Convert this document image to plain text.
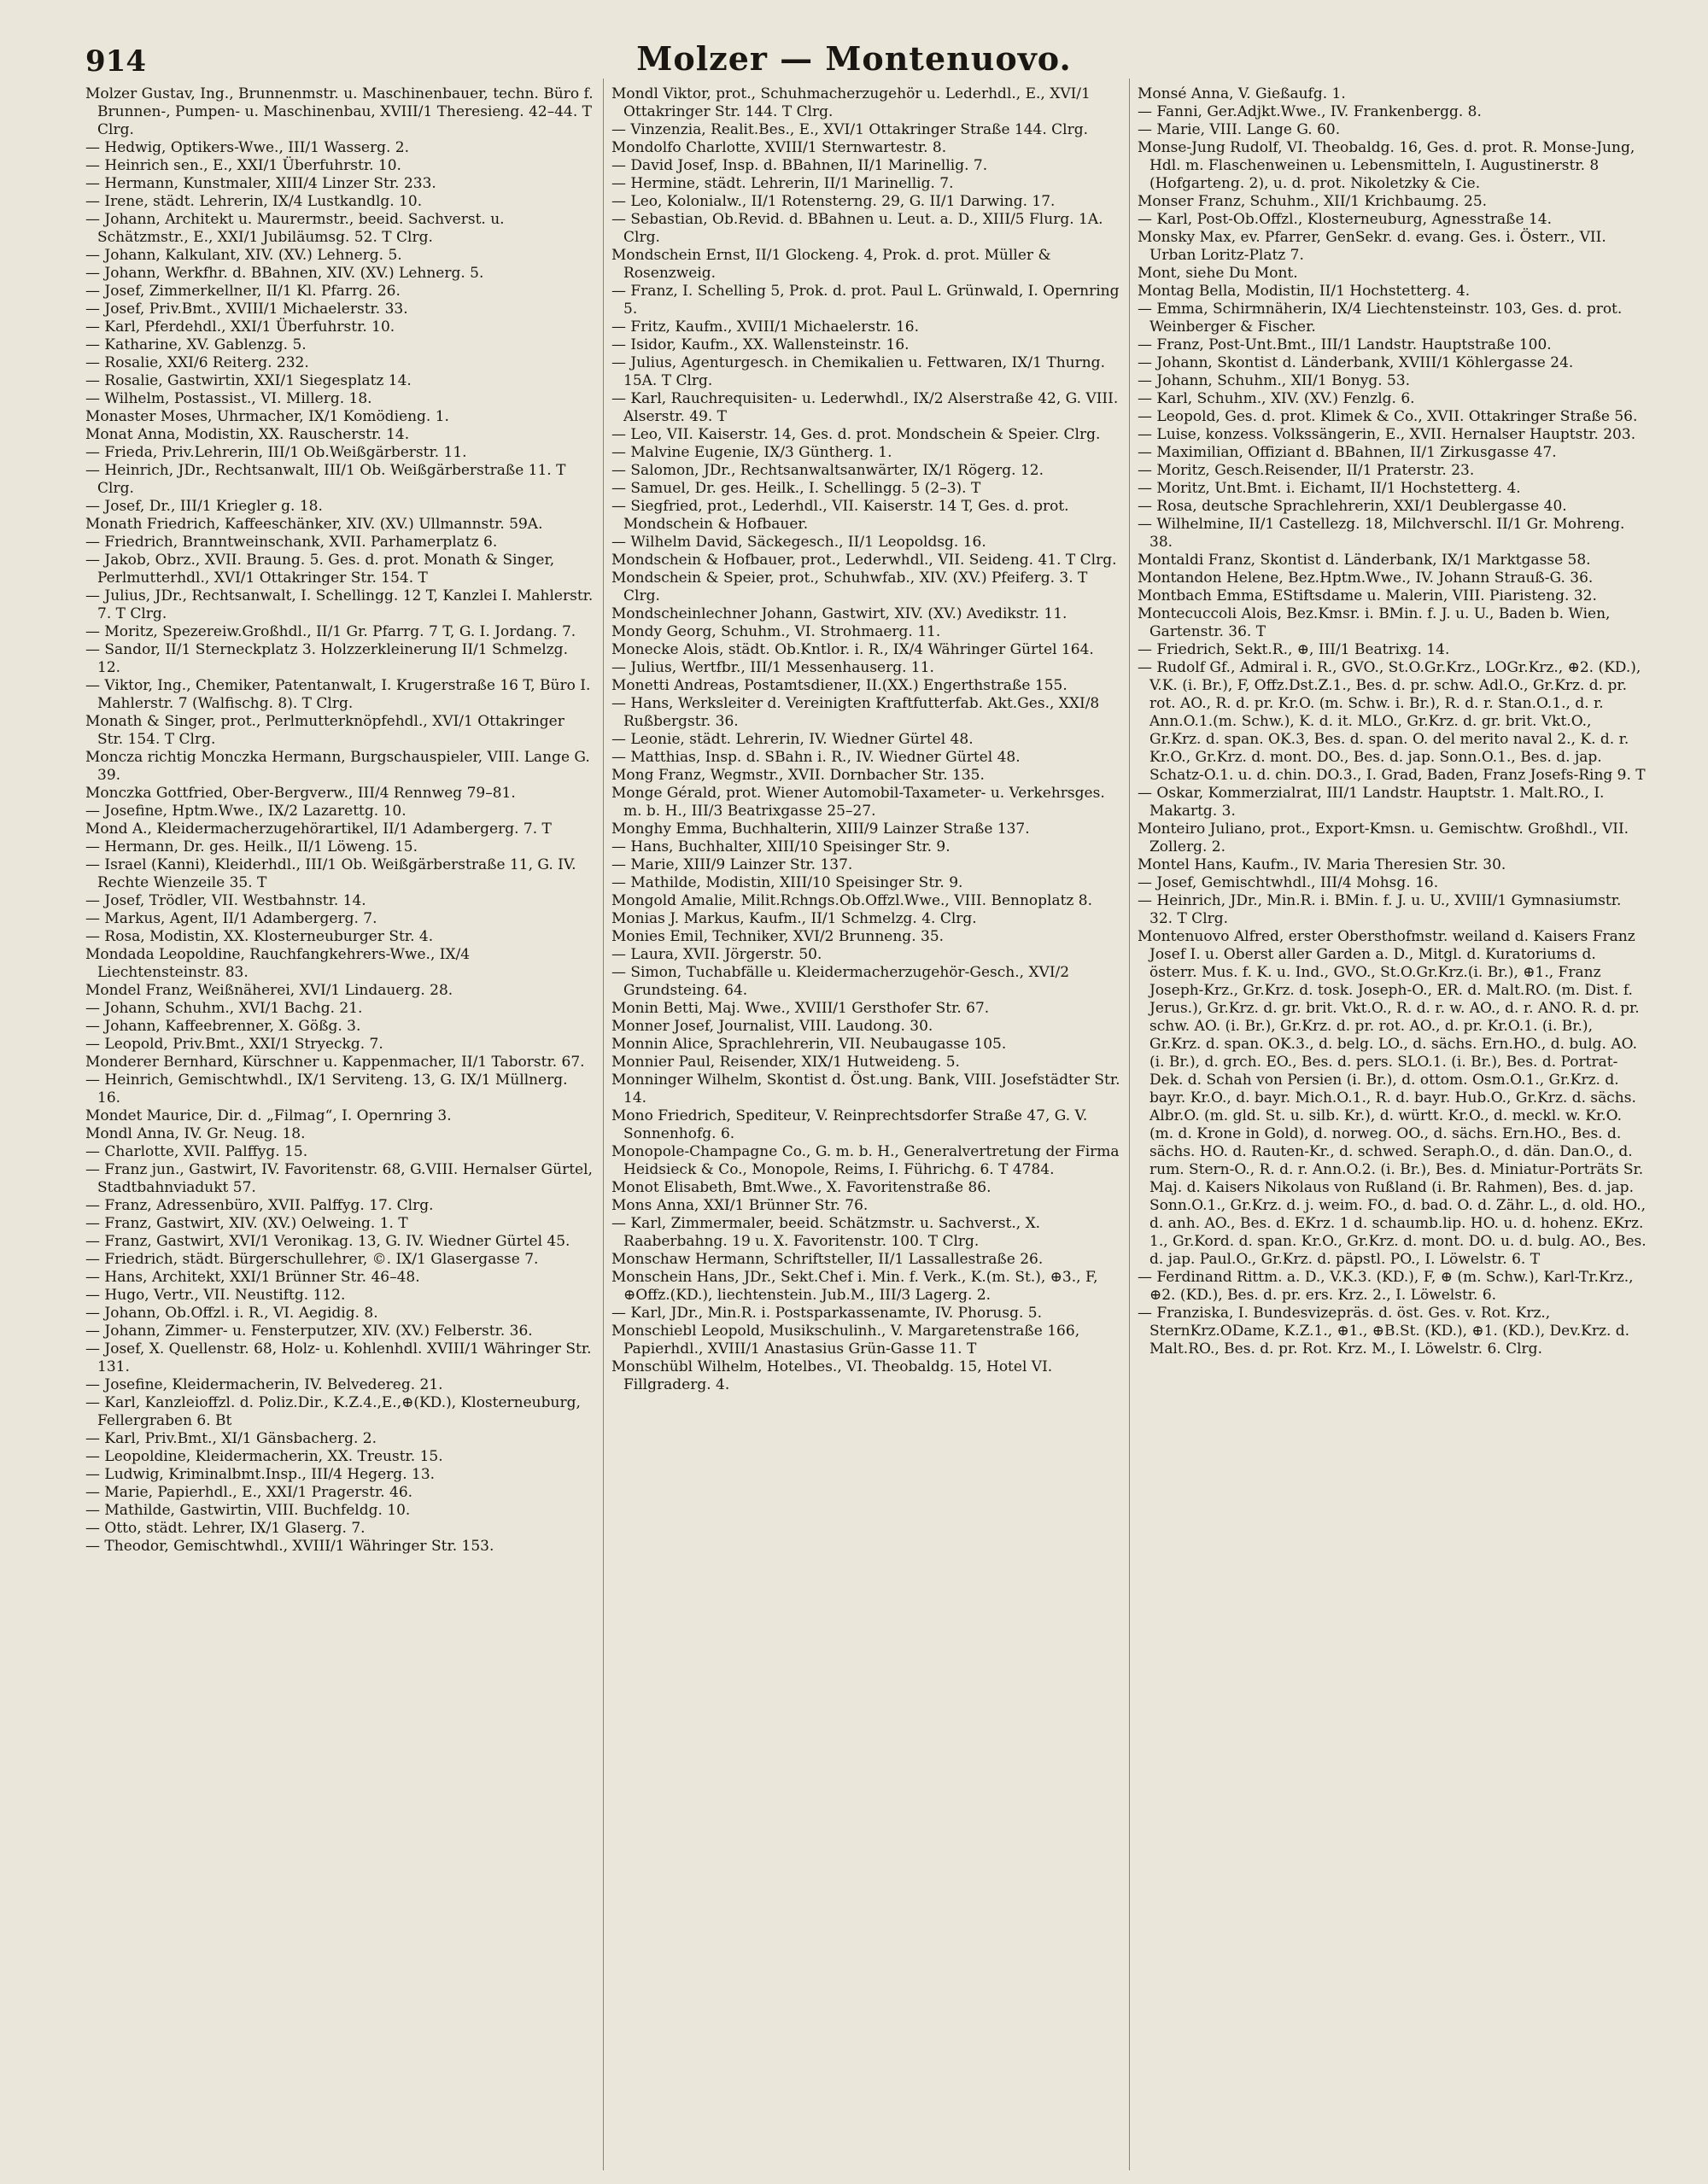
914	Molzer — Montenuovo.

Molzer Gustav, Ing., Brunnenmstr. u. Maschinenbauer, techn. Büro f. Brunnen-, Pumpen- u. Maschinenbau, XVIII/1 Theresieng. 42–44. T Clrg.

— Hedwig, Optikers-Wwe., III/1 Wasserg. 2.

— Heinrich sen., E., XXI/1 Überfuhrstr. 10.

— Hermann, Kunstmaler, XIII/4 Linzer Str. 233.

— Irene, städt. Lehrerin, IX/4 Lustkandlg. 10.

— Johann, Architekt u. Maurermstr., beeid. Sachverst. u. Schätzmstr., E., XXI/1 Jubiläumsg. 52. T Clrg.

— Johann, Kalkulant, XIV. (XV.) Lehnerg. 5.

— Johann, Werkfhr. d. BBahnen, XIV. (XV.) Lehnerg. 5.

— Josef, Zimmerkellner, II/1 Kl. Pfarrg. 26.

— Josef, Priv.Bmt., XVIII/1 Michaelerstr. 33.

— Karl, Pferdehdl., XXI/1 Überfuhrstr. 10.

— Katharine, XV. Gablenzg. 5.

— Rosalie, XXI/6 Reiterg. 232.

— Rosalie, Gastwirtin, XXI/1 Siegesplatz 14.

— Wilhelm, Postassist., VI. Millerg. 18.

Monaster Moses, Uhrmacher, IX/1 Komödieng. 1.

Monat Anna, Modistin, XX. Rauscherstr. 14.

— Frieda, Priv.Lehrerin, III/1 Ob.Weißgärberstr. 11.

— Heinrich, JDr., Rechtsanwalt, III/1 Ob. Weißgärberstraße 11. T Clrg.

— Josef, Dr., III/1 Kriegler g. 18.

Monath Friedrich, Kaffeeschänker, XIV. (XV.) Ullmannstr. 59A.

— Friedrich, Branntweinschank, XVII. Parhamerplatz 6.

— Jakob, Obrz., XVII. Braung. 5. Ges. d. prot. Monath & Singer, Perlmutterhdl., XVI/1 Ottakringer Str. 154. T

— Julius, JDr., Rechtsanwalt, I. Schellingg. 12 T, Kanzlei I. Mahlerstr. 7. T Clrg.

— Moritz, Spezereiw.Großhdl., II/1 Gr. Pfarrg. 7 T, G. I. Jordang. 7.

— Sandor, II/1 Sterneckplatz 3. Holzzerkleinerung II/1 Schmelzg. 12.

— Viktor, Ing., Chemiker, Patentanwalt, I. Krugerstraße 16 T, Büro I. Mahlerstr. 7 (Walfischg. 8). T Clrg.

Monath & Singer, prot., Perlmutterknöpfehdl., XVI/1 Ottakringer Str. 154. T Clrg.

Moncza richtig Monczka Hermann, Burgschauspieler, VIII. Lange G. 39.

Monczka Gottfried, Ober-Bergverw., III/4 Rennweg 79–81.

— Josefine, Hptm.Wwe., IX/2 Lazarettg. 10.

Mond A., Kleidermacherzugehörartikel, II/1 Adambergerg. 7. T

— Hermann, Dr. ges. Heilk., II/1 Löweng. 15.

— Israel (Kanni), Kleiderhdl., III/1 Ob. Weißgärberstraße 11, G. IV. Rechte Wienzeile 35. T

— Josef, Trödler, VII. Westbahnstr. 14.

— Markus, Agent, II/1 Adambergerg. 7.

— Rosa, Modistin, XX. Klosterneuburger Str. 4.

Mondada Leopoldine, Rauchfangkehrers-Wwe., IX/4 Liechtensteinstr. 83.

Mondel Franz, Weißnäherei, XVI/1 Lindauerg. 28.

— Johann, Schuhm., XVI/1 Bachg. 21.

— Johann, Kaffeebrenner, X. Gößg. 3.

— Leopold, Priv.Bmt., XXI/1 Stryeckg. 7.

Monderer Bernhard, Kürschner u. Kappenmacher, II/1 Taborstr. 67.

— Heinrich, Gemischtwhdl., IX/1 Serviteng. 13, G. IX/1 Müllnerg. 16.

Mondet Maurice, Dir. d. „Filmag“, I. Opernring 3.

Mondl Anna, IV. Gr. Neug. 18.

— Charlotte, XVII. Palffyg. 15.

— Franz jun., Gastwirt, IV. Favoritenstr. 68, G.VIII. Hernalser Gürtel, Stadtbahnviadukt 57.

— Franz, Adressenbüro, XVII. Palffyg. 17. Clrg.

— Franz, Gastwirt, XIV. (XV.) Oelweing. 1. T

— Franz, Gastwirt, XVI/1 Veronikag. 13, G. IV. Wiedner Gürtel 45.

— Friedrich, städt. Bürgerschullehrer, ©. IX/1 Glasergasse 7.

— Hans, Architekt, XXI/1 Brünner Str. 46–48.

— Hugo, Vertr., VII. Neustiftg. 112.

— Johann, Ob.Offzl. i. R., VI. Aegidig. 8.

— Johann, Zimmer- u. Fensterputzer, XIV. (XV.) Felberstr. 36.

— Josef, X. Quellenstr. 68, Holz- u. Kohlenhdl. XVIII/1 Währinger Str. 131.

— Josefine, Kleidermacherin, IV. Belvedereg. 21.

— Karl, Kanzleioffzl. d. Poliz.Dir., K.Z.4.,E.,⊕(KD.), Klosterneuburg, Fellergraben 6. Bt

— Karl, Priv.Bmt., XI/1 Gänsbacherg. 2.

— Leopoldine, Kleidermacherin, XX. Treustr. 15.

— Ludwig, Kriminalbmt.Insp., III/4 Hegerg. 13.

— Marie, Papierhdl., E., XXI/1 Pragerstr. 46.

— Mathilde, Gastwirtin, VIII. Buchfeldg. 10.

— Otto, städt. Lehrer, IX/1 Glaserg. 7.

— Theodor, Gemischtwhdl., XVIII/1 Währinger Str. 153.

Mondl Viktor, prot., Schuhmacherzugehör u. Lederhdl., E., XVI/1 Ottakringer Str. 144. T Clrg.

— Vinzenzia, Realit.Bes., E., XVI/1 Ottakringer Straße 144. Clrg.

Mondolfo Charlotte, XVIII/1 Sternwartestr. 8.

— David Josef, Insp. d. BBahnen, II/1 Marinellig. 7.

— Hermine, städt. Lehrerin, II/1 Marinellig. 7.

— Leo, Kolonialw., II/1 Rotensterng. 29, G. II/1 Darwing. 17.

— Sebastian, Ob.Revid. d. BBahnen u. Leut. a. D., XIII/5 Flurg. 1A. Clrg.

Mondschein Ernst, II/1 Glockeng. 4, Prok. d. prot. Müller & Rosenzweig.

— Franz, I. Schelling 5, Prok. d. prot. Paul L. Grünwald, I. Opernring 5.

— Fritz, Kaufm., XVIII/1 Michaelerstr. 16.

— Isidor, Kaufm., XX. Wallensteinstr. 16.

— Julius, Agenturgesch. in Chemikalien u. Fettwaren, IX/1 Thurng. 15A. T Clrg.

— Karl, Rauchrequisiten- u. Lederwhdl., IX/2 Alserstraße 42, G. VIII. Alserstr. 49. T

— Leo, VII. Kaiserstr. 14, Ges. d. prot. Mondschein & Speier. Clrg.

— Malvine Eugenie, IX/3 Güntherg. 1.

— Salomon, JDr., Rechtsanwaltsanwärter, IX/1 Rögerg. 12.

— Samuel, Dr. ges. Heilk., I. Schellingg. 5 (2–3). T

— Siegfried, prot., Lederhdl., VII. Kaiserstr. 14 T, Ges. d. prot. Mondschein & Hofbauer.

— Wilhelm David, Säckegesch., II/1 Leopoldsg. 16.

Mondschein & Hofbauer, prot., Lederwhdl., VII. Seideng. 41. T Clrg.

Mondschein & Speier, prot., Schuhwfab., XIV. (XV.) Pfeiferg. 3. T Clrg.

Mondscheinlechner Johann, Gastwirt, XIV. (XV.) Avedikstr. 11.

Mondy Georg, Schuhm., VI. Strohmaerg. 11.

Monecke Alois, städt. Ob.Kntlor. i. R., IX/4 Währinger Gürtel 164.

— Julius, Wertfbr., III/1 Messenhauserg. 11.

Monetti Andreas, Postamtsdiener, II.(XX.) Engerthstraße 155.

— Hans, Werksleiter d. Vereinigten Kraftfutterfab. Akt.Ges., XXI/8 Rußbergstr. 36.

— Leonie, städt. Lehrerin, IV. Wiedner Gürtel 48.

— Matthias, Insp. d. SBahn i. R., IV. Wiedner Gürtel 48.

Mong Franz, Wegmstr., XVII. Dornbacher Str. 135.

Monge Gérald, prot. Wiener Automobil-Taxameter- u. Verkehrsges. m. b. H., III/3 Beatrixgasse 25–27.

Monghy Emma, Buchhalterin, XIII/9 Lainzer Straße 137.

— Hans, Buchhalter, XIII/10 Speisinger Str. 9.

— Marie, XIII/9 Lainzer Str. 137.

— Mathilde, Modistin, XIII/10 Speisinger Str. 9.

Mongold Amalie, Milit.Rchngs.Ob.Offzl.Wwe., VIII. Bennoplatz 8.

Monias J. Markus, Kaufm., II/1 Schmelzg. 4. Clrg.

Monies Emil, Techniker, XVI/2 Brunneng. 35.

— Laura, XVII. Jörgerstr. 50.

— Simon, Tuchabfälle u. Kleidermacherzugehör-Gesch., XVI/2 Grundsteing. 64.

Monin Betti, Maj. Wwe., XVIII/1 Gersthofer Str. 67.

Monner Josef, Journalist, VIII. Laudong. 30.

Monnin Alice, Sprachlehrerin, VII. Neubaugasse 105.

Monnier Paul, Reisender, XIX/1 Hutweideng. 5.

Monninger Wilhelm, Skontist d. Öst.ung. Bank, VIII. Josefstädter Str. 14.

Mono Friedrich, Spediteur, V. Reinprechtsdorfer Straße 47, G. V. Sonnenhofg. 6.

Monopole-Champagne Co., G. m. b. H., Generalvertretung der Firma Heidsieck & Co., Monopole, Reims, I. Führichg. 6. T 4784.

Monot Elisabeth, Bmt.Wwe., X. Favoritenstraße 86.

Mons Anna, XXI/1 Brünner Str. 76.

— Karl, Zimmermaler, beeid. Schätzmstr. u. Sachverst., X. Raaberbahng. 19 u. X. Favoritenstr. 100. T Clrg.

Monschaw Hermann, Schriftsteller, II/1 Lassallestraße 26.

Monschein Hans, JDr., Sekt.Chef i. Min. f. Verk., K.(m. St.), ⊕3., F, ⊕Offz.(KD.), liechtenstein. Jub.M., III/3 Lagerg. 2.

— Karl, JDr., Min.R. i. Postsparkassenamte, IV. Phorusg. 5.

Monschiebl Leopold, Musikschulinh., V. Margaretenstraße 166, Papierhdl., XVIII/1 Anastasius Grün-Gasse 11. T

Monschübl Wilhelm, Hotelbes., VI. Theobaldg. 15, Hotel VI. Fillgraderg. 4.

Monsé Anna, V. Gießaufg. 1.

— Fanni, Ger.Adjkt.Wwe., IV. Frankenbergg. 8.

— Marie, VIII. Lange G. 60.

Monse-Jung Rudolf, VI. Theobaldg. 16, Ges. d. prot. R. Monse-Jung, Hdl. m. Flaschenweinen u. Lebensmitteln, I. Augustinerstr. 8 (Hofgarteng. 2), u. d. prot. Nikoletzky & Cie.

Monser Franz, Schuhm., XII/1 Krichbaumg. 25.

— Karl, Post-Ob.Offzl., Klosterneuburg, Agnesstraße 14.

Monsky Max, ev. Pfarrer, GenSekr. d. evang. Ges. i. Österr., VII. Urban Loritz-Platz 7.

Mont, siehe Du Mont.

Montag Bella, Modistin, II/1 Hochstetterg. 4.

— Emma, Schirmnäherin, IX/4 Liechtensteinstr. 103, Ges. d. prot. Weinberger & Fischer.

— Franz, Post-Unt.Bmt., III/1 Landstr. Hauptstraße 100.

— Johann, Skontist d. Länderbank, XVIII/1 Köhlergasse 24.

— Johann, Schuhm., XII/1 Bonyg. 53.

— Karl, Schuhm., XIV. (XV.) Fenzlg. 6.

— Leopold, Ges. d. prot. Klimek & Co., XVII. Ottakringer Straße 56.

— Luise, konzess. Volkssängerin, E., XVII. Hernalser Hauptstr. 203.

— Maximilian, Offiziant d. BBahnen, II/1 Zirkusgasse 47.

— Moritz, Gesch.Reisender, II/1 Praterstr. 23.

— Moritz, Unt.Bmt. i. Eichamt, II/1 Hochstetterg. 4.

— Rosa, deutsche Sprachlehrerin, XXI/1 Deublergasse 40.

— Wilhelmine, II/1 Castellezg. 18, Milchverschl. II/1 Gr. Mohreng. 38.

Montaldi Franz, Skontist d. Länderbank, IX/1 Marktgasse 58.

Montandon Helene, Bez.Hptm.Wwe., IV. Johann Strauß-G. 36.

Montbach Emma, EStiftsdame u. Malerin, VIII. Piaristeng. 32.

Montecuccoli Alois, Bez.Kmsr. i. BMin. f. J. u. U., Baden b. Wien, Gartenstr. 36. T

— Friedrich, Sekt.R., ⊕, III/1 Beatrixg. 14.

— Rudolf Gf., Admiral i. R., GVO., St.O.Gr.Krz., LOGr.Krz., ⊕2. (KD.), V.K. (i. Br.), F, Offz.Dst.Z.1., Bes. d. pr. schw. Adl.O., Gr.Krz. d. pr. rot. AO., R. d. pr. Kr.O. (m. Schw. i. Br.), R. d. r. Stan.O.1., d. r. Ann.O.1.(m. Schw.), K. d. it. MLO., Gr.Krz. d. gr. brit. Vkt.O., Gr.Krz. d. span. OK.3, Bes. d. span. O. del merito naval 2., K. d. r. Kr.O., Gr.Krz. d. mont. DO., Bes. d. jap. Sonn.O.1., Bes. d. jap. Schatz-O.1. u. d. chin. DO.3., I. Grad, Baden, Franz Josefs-Ring 9. T

— Oskar, Kommerzialrat, III/1 Landstr. Hauptstr. 1. Malt.RO., I. Makartg. 3.

Monteiro Juliano, prot., Export-Kmsn. u. Gemischtw. Großhdl., VII. Zollerg. 2.

Montel Hans, Kaufm., IV. Maria Theresien Str. 30.

— Josef, Gemischtwhdl., III/4 Mohsg. 16.

— Heinrich, JDr., Min.R. i. BMin. f. J. u. U., XVIII/1 Gymnasiumstr. 32. T Clrg.

Montenuovo Alfred, erster Obersthofmstr. weiland d. Kaisers Franz Josef I. u. Oberst aller Garden a. D., Mitgl. d. Kuratoriums d. österr. Mus. f. K. u. Ind., GVO., St.O.Gr.Krz.(i. Br.), ⊕1., Franz Joseph-Krz., Gr.Krz. d. tosk. Joseph-O., ER. d. Malt.RO. (m. Dist. f. Jerus.), Gr.Krz. d. gr. brit. Vkt.O., R. d. r. w. AO., d. r. ANO. R. d. pr. schw. AO. (i. Br.), Gr.Krz. d. pr. rot. AO., d. pr. Kr.O.1. (i. Br.), Gr.Krz. d. span. OK.3., d. belg. LO., d. sächs. Ern.HO., d. bulg. AO. (i. Br.), d. grch. EO., Bes. d. pers. SLO.1. (i. Br.), Bes. d. Portrat-Dek. d. Schah von Persien (i. Br.), d. ottom. Osm.O.1., Gr.Krz. d. bayr. Kr.O., d. bayr. Mich.O.1., R. d. bayr. Hub.O., Gr.Krz. d. sächs. Albr.O. (m. gld. St. u. silb. Kr.), d. württ. Kr.O., d. meckl. w. Kr.O. (m. d. Krone in Gold), d. norweg. OO., d. sächs. Ern.HO., Bes. d. sächs. HO. d. Rauten-Kr., d. schwed. Seraph.O., d. dän. Dan.O., d. rum. Stern-O., R. d. r. Ann.O.2. (i. Br.), Bes. d. Miniatur-Porträts Sr. Maj. d. Kaisers Nikolaus von Rußland (i. Br. Rahmen), Bes. d. jap. Sonn.O.1., Gr.Krz. d. j. weim. FO., d. bad. O. d. Zähr. L., d. old. HO., d. anh. AO., Bes. d. EKrz. 1 d. schaumb.lip. HO. u. d. hohenz. EKrz. 1., Gr.Kord. d. span. Kr.O., Gr.Krz. d. mont. DO. u. d. bulg. AO., Bes. d. jap. Paul.O., Gr.Krz. d. päpstl. PO., I. Löwelstr. 6. T

— Ferdinand Rittm. a. D., V.K.3. (KD.), F, ⊕ (m. Schw.), Karl-Tr.Krz., ⊕2. (KD.), Bes. d. pr. ers. Krz. 2., I. Löwelstr. 6.

— Franziska, I. Bundesvizepräs. d. öst. Ges. v. Rot. Krz., SternKrz.ODame, K.Z.1., ⊕1., ⊕B.St. (KD.), ⊕1. (KD.), Dev.Krz. d. Malt.RO., Bes. d. pr. Rot. Krz. M., I. Löwelstr. 6. Clrg.
